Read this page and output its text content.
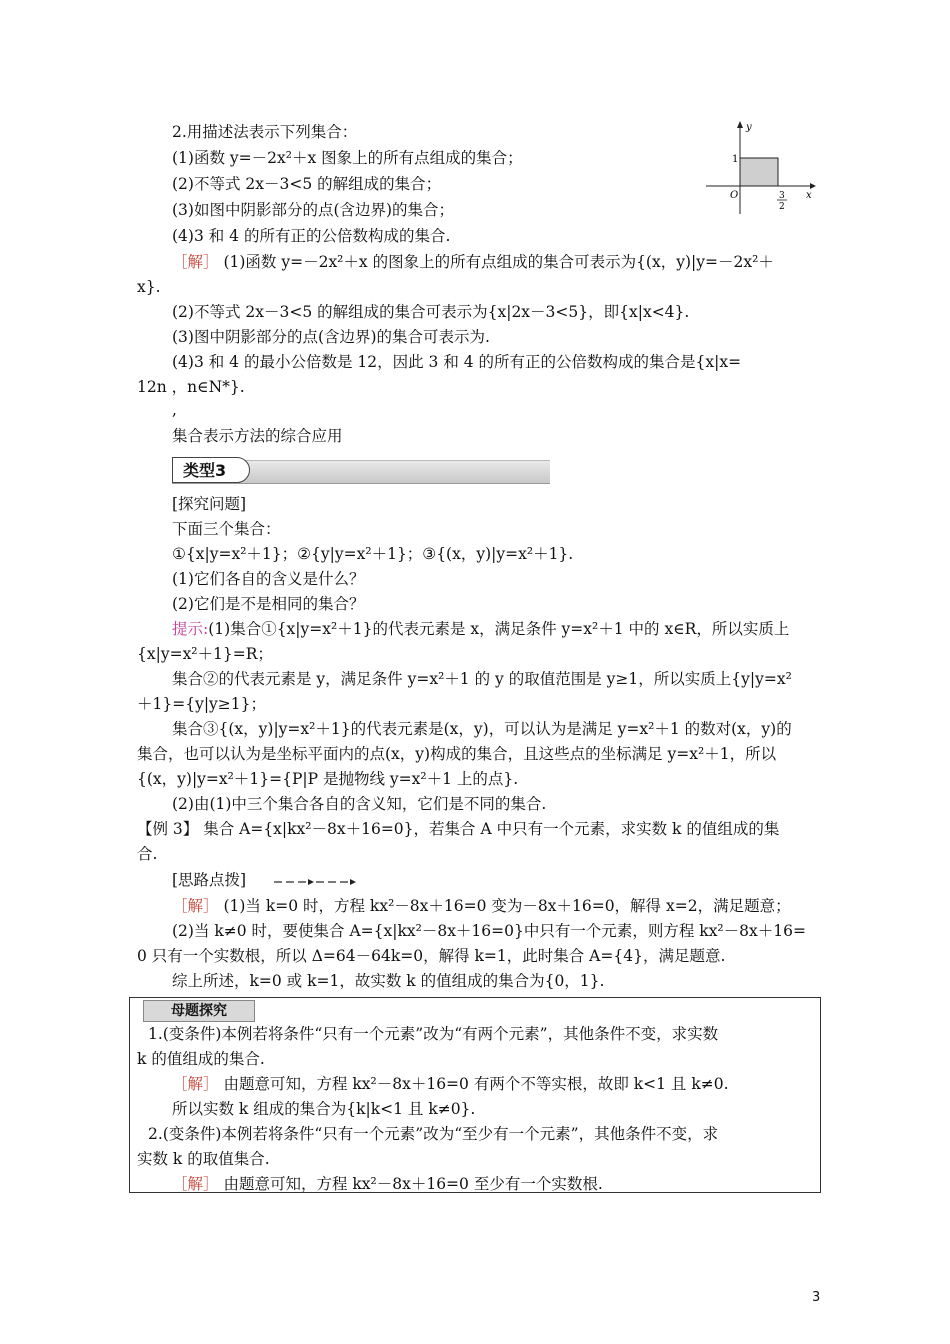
2.用描述法表示下列集合：
(1)函数 y=－2x²＋x 图象上的所有点组成的集合；
(2)不等式 2x－3<5 的解组成的集合；
(3)如图中阴影部分的点(含边界)的集合；
(4)3 和 4 的所有正的公倍数构成的集合.
y
x
O
1
3
2
［解］ (1)函数 y=－2x²＋x 的图象上的所有点组成的集合可表示为{(x，y)|y=－2x²＋
x}.
(2)不等式 2x－3<5 的解组成的集合可表示为{x|2x－3<5}，即{x|x<4}.
(3)图中阴影部分的点(含边界)的集合可表示为.
(4)3 和 4 的最小公倍数是 12，因此 3 和 4 的所有正的公倍数构成的集合是{x|x=
12n ，n∈N*}.
,
集合表示方法的综合应用
类型3
[探究问题]
下面三个集合：
①{x|y=x²＋1}；②{y|y=x²＋1}；③{(x，y)|y=x²＋1}.
(1)它们各自的含义是什么？
(2)它们是不是相同的集合？
提示:(1)集合①{x|y=x²＋1}的代表元素是 x，满足条件 y=x²＋1 中的 x∈R，所以实质上
{x|y=x²＋1}=R；
集合②的代表元素是 y，满足条件 y=x²＋1 的 y 的取值范围是 y≥1，所以实质上{y|y=x²
＋1}={y|y≥1}；
集合③{(x，y)|y=x²＋1}的代表元素是(x，y)，可以认为是满足 y=x²＋1 的数对(x，y)的
集合，也可以认为是坐标平面内的点(x，y)构成的集合，且这些点的坐标满足 y=x²＋1，所以
{(x，y)|y=x²＋1}={P|P 是抛物线 y=x²＋1 上的点}.
(2)由(1)中三个集合各自的含义知，它们是不同的集合.
【例 3】 集合 A={x|kx²－8x＋16=0}，若集合 A 中只有一个元素，求实数 k 的值组成的集
合.
[思路点拨]
［解］ (1)当 k=0 时，方程 kx²－8x＋16=0 变为－8x＋16=0，解得 x=2，满足题意；
(2)当 k≠0 时，要使集合 A={x|kx²－8x＋16=0}中只有一个元素，则方程 kx²－8x＋16=
0 只有一个实数根，所以 Δ=64－64k=0，解得 k=1，此时集合 A={4}，满足题意.
综上所述，k=0 或 k=1，故实数 k 的值组成的集合为{0，1}.
母题探究
1.(变条件)本例若将条件“只有一个元素”改为“有两个元素”，其他条件不变，求实数
k 的值组成的集合.
［解］ 由题意可知，方程 kx²－8x＋16=0 有两个不等实根，故即 k<1 且 k≠0.
所以实数 k 组成的集合为{k|k<1 且 k≠0}.
2.(变条件)本例若将条件“只有一个元素”改为“至少有一个元素”，其他条件不变，求
实数 k 的取值集合.
［解］ 由题意可知，方程 kx²－8x＋16=0 至少有一个实数根.
3
